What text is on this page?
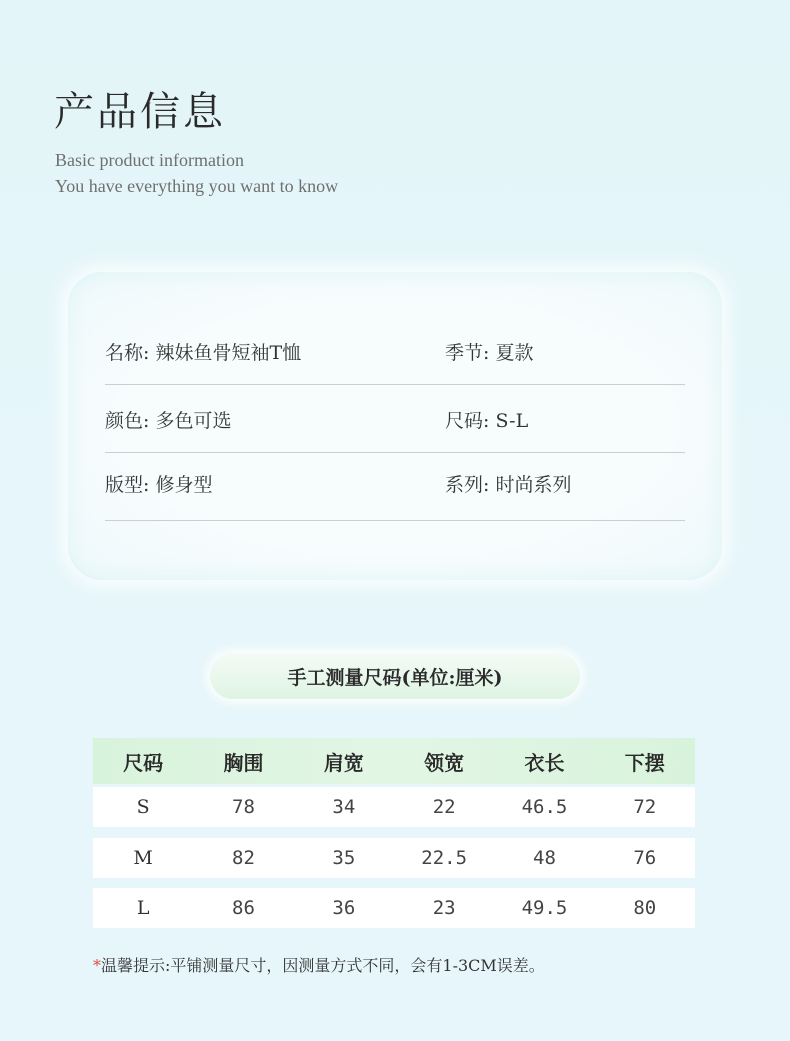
产品信息
Basic product information
You have everything you want to know
名称: 辣妹鱼骨短袖T恤	季节: 夏款
颜色: 多色可选	尺码: S-L
版型: 修身型	系列: 时尚系列
手工测量尺码(单位:厘米)
尺码	胸围	肩宽	领宽	衣长	下摆
S	78	34	22	46.5	72
M	82	35	22.5	48	76
L	86	36	23	49.5	80
*温馨提示:平铺测量尺寸，因测量方式不同，会有1-3CM误差。
